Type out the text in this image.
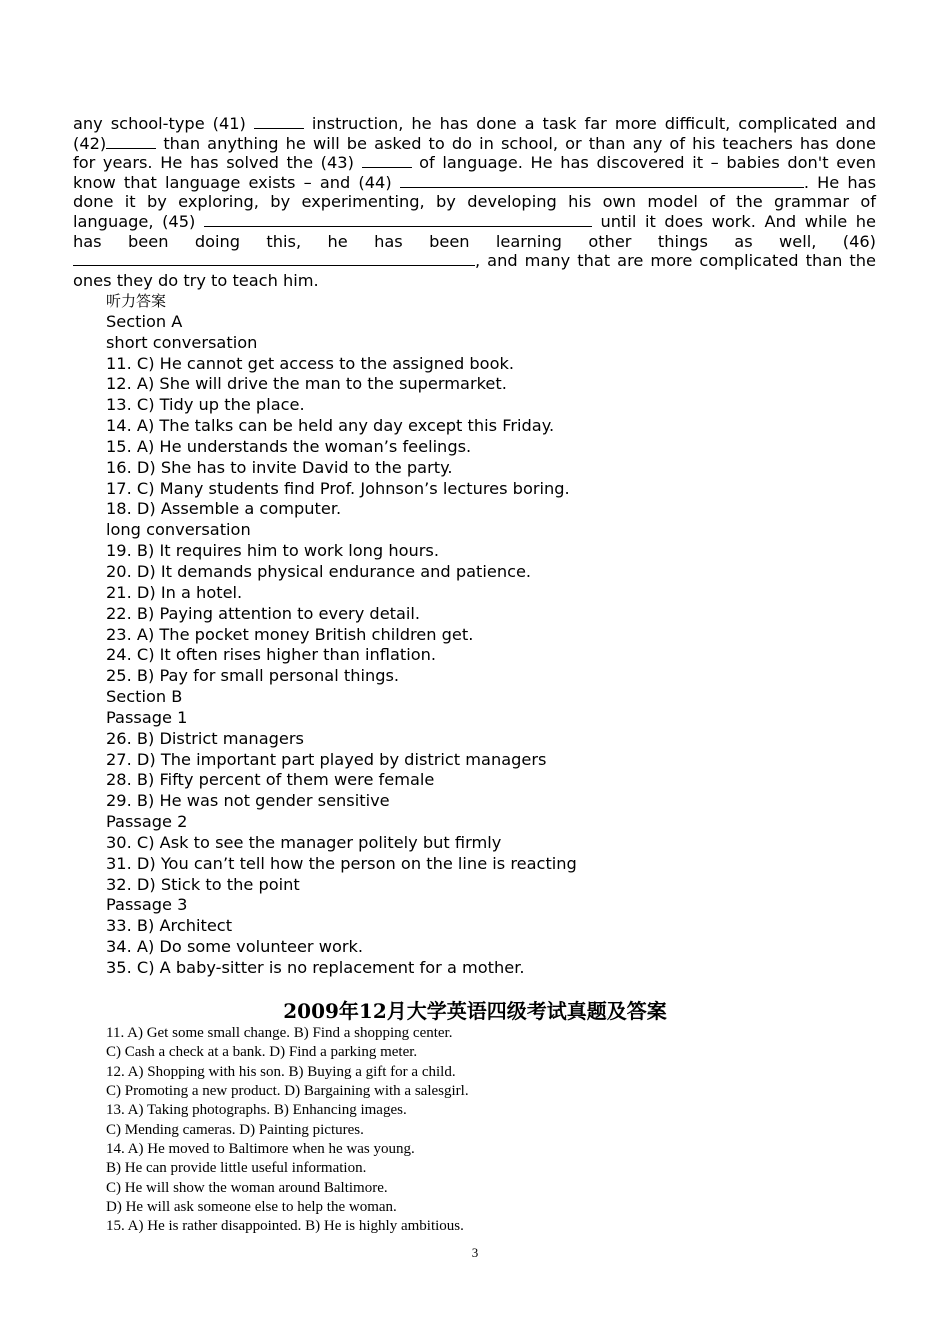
any school-type (41)	instruction, he has done a task far more difficult, complicated and
(42)	than anything he will be asked to do in school, or than any of his teachers has done
for years. He has solved the (43)	of language. He has discovered it – babies don't even
know that language exists – and (44)	. He has
done it by exploring, by experimenting, by developing his own model of the grammar of
language, (45)	until it does work. And while he
has been doing this, he has been learning other things as well, (46)
, and many that are more complicated than the
ones they do try to teach him.
听力答案
Section A
short conversation
11. C) He cannot get access to the assigned book.
12. A) She will drive the man to the supermarket.
13. C) Tidy up the place.
14. A) The talks can be held any day except this Friday.
15. A) He understands the woman’s feelings.
16. D) She has to invite David to the party.
17. C) Many students find Prof. Johnson’s lectures boring.
18. D) Assemble a computer.
long conversation
19. B) It requires him to work long hours.
20. D) It demands physical endurance and patience.
21. D) In a hotel.
22. B) Paying attention to every detail.
23. A) The pocket money British children get.
24. C) It often rises higher than inflation.
25. B) Pay for small personal things.
Section B
Passage 1
26. B) District managers
27. D) The important part played by district managers
28. B) Fifty percent of them were female
29. B) He was not gender sensitive
Passage 2
30. C) Ask to see the manager politely but firmly
31. D) You can’t tell how the person on the line is reacting
32. D) Stick to the point
Passage 3
33. B) Architect
34. A) Do some volunteer work.
35. C) A baby-sitter is no replacement for a mother.
2009年12月大学英语四级考试真题及答案
11. A) Get some small change. B) Find a shopping center.
C) Cash a check at a bank. D) Find a parking meter.
12. A) Shopping with his son. B) Buying a gift for a child.
C) Promoting a new product. D) Bargaining with a salesgirl.
13. A) Taking photographs. B) Enhancing images.
C) Mending cameras. D) Painting pictures.
14. A) He moved to Baltimore when he was young.
B) He can provide little useful information.
C) He will show the woman around Baltimore.
D) He will ask someone else to help the woman.
15. A) He is rather disappointed. B) He is highly ambitious.
3
